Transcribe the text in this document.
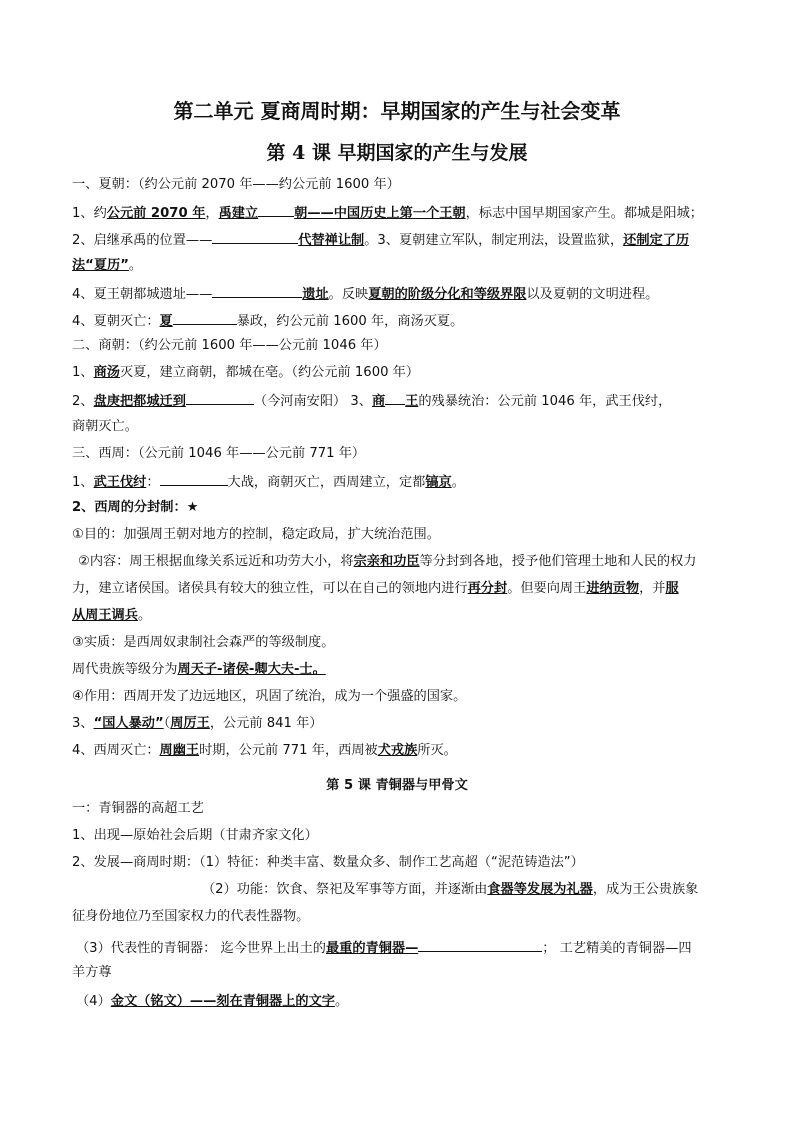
第二单元 夏商周时期：早期国家的产生与社会变革
第 4 课 早期国家的产生与发展
一、夏朝：（约公元前 2070 年——约公元前 1600 年）
1、约公元前 2070 年，禹建立	朝——中国历史上第一个王朝，标志中国早期国家产生。都城是阳城；
2、启继承禹的位置——	代替禅让制。3、夏朝建立军队，制定刑法，设置监狱，还制定了历
法“夏历”。
4、夏王朝都城遗址——	遗址。反映夏朝的阶级分化和等级界限以及夏朝的文明进程。
4、夏朝灭亡：夏	暴政，约公元前 1600 年，商汤灭夏。
二、商朝：（约公元前 1600 年——公元前 1046 年）
1、商汤灭夏，建立商朝，都城在亳。（约公元前 1600 年）
2、盘庚把都城迁到	（今河南安阳） 3、商 王的残暴统治：公元前 1046 年，武王伐纣，
商朝灭亡。
三、西周：（公元前 1046 年——公元前 771 年）
1、武王伐纣：	大战，商朝灭亡，西周建立，定都镐京。
2、西周的分封制：★
①目的：加强周王朝对地方的控制，稳定政局，扩大统治范围。
②内容：周王根据血缘关系远近和功劳大小，将宗亲和功臣等分封到各地，授予他们管理土地和人民的权力
力，建立诸侯国。诸侯具有较大的独立性，可以在自己的领地内进行再分封。但要向周王进纳贡物，并服
从周王调兵。
③实质：是西周奴隶制社会森严的等级制度。
周代贵族等级分为周天子-诸侯-卿大夫-士。
④作用：西周开发了边远地区，巩固了统治，成为一个强盛的国家。
3、“国人暴动”（周厉王，公元前 841 年）
4、西周灭亡：周幽王时期，公元前 771 年，西周被犬戎族所灭。
第 5 课 青铜器与甲骨文
一：青铜器的高超工艺
1、出现—原始社会后期（甘肃齐家文化）
2、发展—商周时期：（1）特征：种类丰富、数量众多、制作工艺高超（“泥范铸造法”）
（2）功能：饮食、祭祀及军事等方面，并逐渐由食器等发展为礼器，成为王公贵族象
征身份地位乃至国家权力的代表性器物。
（3）代表性的青铜器： 迄今世界上出土的最重的青铜器—	； 工艺精美的青铜器—四
羊方尊
（4）金文（铭文）——刻在青铜器上的文字。
